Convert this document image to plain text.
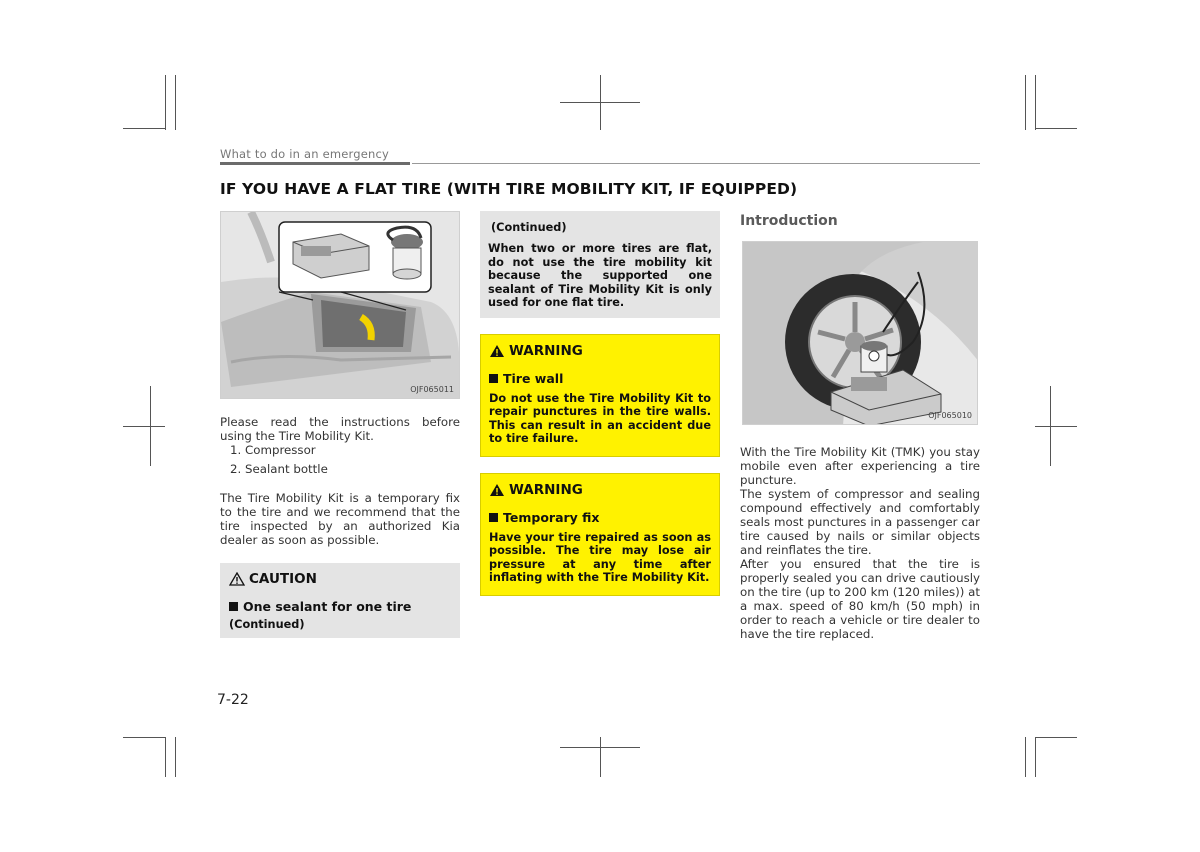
What to do in an emergency
IF YOU HAVE A FLAT TIRE (WITH TIRE MOBILITY KIT, IF EQUIPPED)
OJF065011

Please read the instructions before using the Tire Mobility Kit.

1. Compressor
2. Sealant bottle

The Tire Mobility Kit is a temporary fix to the tire and we recommend that the tire inspected by an authorized Kia dealer as soon as possible.

CAUTION
One sealant for one tire
(Continued)
(Continued)
When two or more tires are flat, do not use the tire mobility kit because the supported one sealant of Tire Mobility Kit is only used for one flat tire.
WARNING
Tire wall
Do not use the Tire Mobility Kit to repair punctures in the tire walls. This can result in an accident due to tire failure.
WARNING
Temporary fix
Have your tire repaired as soon as possible. The tire may lose air pressure at any time after inflating with the Tire Mobility Kit.
Introduction
OJF065010

With the Tire Mobility Kit (TMK) you stay mobile even after experiencing a tire puncture.

The system of compressor and sealing compound effectively and comfortably seals most punctures in a passenger car tire caused by nails or similar objects and reinflates the tire.

After you ensured that the tire is properly sealed you can drive cautiously on the tire (up to 200 km (120 miles)) at a max. speed of 80 km/h (50 mph) in order to reach a vehicle or tire dealer to have the tire replaced.

7-22
